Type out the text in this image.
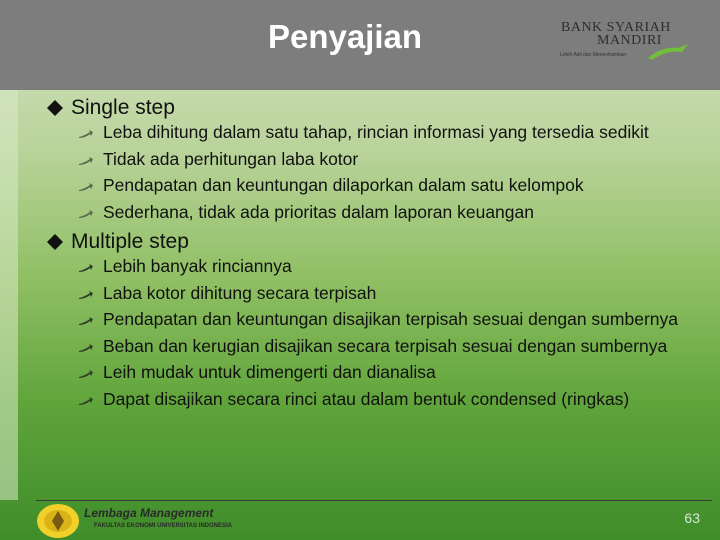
Penyajian	BANK SYARIAH
MANDIRI
Lebih Adil dan Menentramkan
Single step
Leba dihitung dalam satu tahap, rincian informasi yang tersedia sedikit
Tidak ada perhitungan laba kotor
Pendapatan dan keuntungan dilaporkan dalam satu kelompok
Sederhana, tidak ada prioritas dalam laporan keuangan
Multiple step
Lebih banyak rinciannya
Laba kotor dihitung secara terpisah
Pendapatan dan keuntungan disajikan terpisah sesuai dengan sumbernya
Beban dan kerugian disajikan secara terpisah sesuai dengan sumbernya
Leih mudak untuk dimengerti dan dianalisa
Dapat disajikan secara rinci atau dalam bentuk condensed (ringkas)
Lembaga Management
FAKULTAS EKONOMI UNIVERSITAS INDONESIA	63
